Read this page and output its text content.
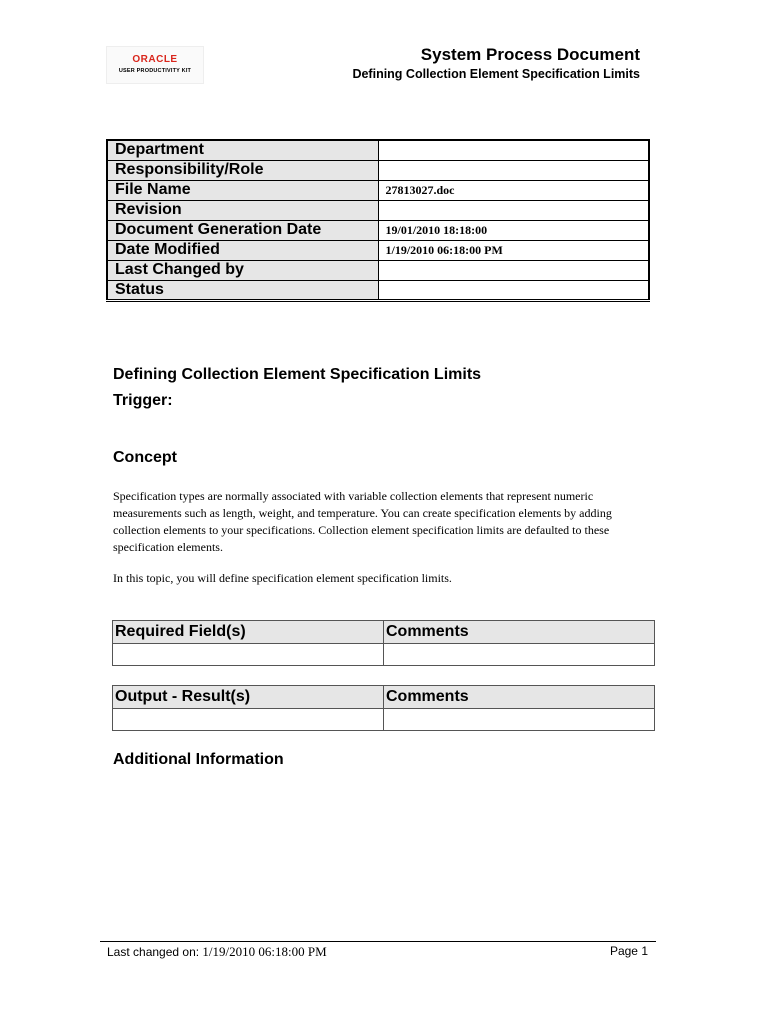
ORACLE
USER PRODUCTIVITY KIT
System Process Document
Defining Collection Element Specification Limits
Department	
Responsibility/Role	
File Name	27813027.doc
Revision	
Document Generation Date	19/01/2010 18:18:00
Date Modified	1/19/2010 06:18:00 PM
Last Changed by	
Status	
Defining Collection Element Specification Limits
Trigger:
Concept

Specification types are normally associated with variable collection elements that represent numeric measurements such as length, weight, and temperature. You can create specification elements by adding collection elements to your specifications. Collection element specification limits are defaulted to these specification elements.

In this topic, you will define specification element specification limits.

Required Field(s)	Comments

Output - Result(s)	Comments

Additional Information
Last changed on: 1/19/2010 06:18:00 PM	Page 1
